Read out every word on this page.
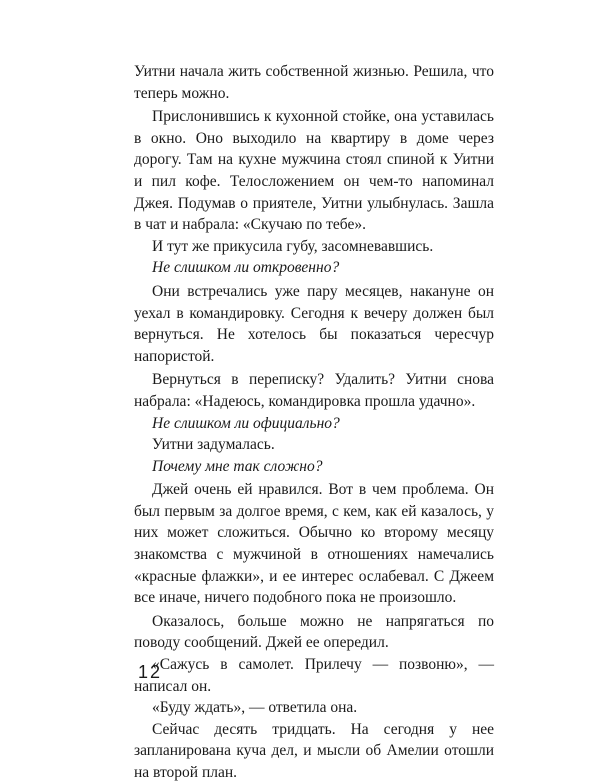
Уитни начала жить собственной жизнью. Решила, что теперь можно.

Прислонившись к кухонной стойке, она уставилась в окно. Оно выходило на квартиру в доме через дорогу. Там на кухне мужчина стоял спиной к Уитни и пил кофе. Телосложением он чем-то напоминал Джея. Подумав о приятеле, Уитни улыбнулась. Зашла в чат и набрала: «Скучаю по тебе».

И тут же прикусила губу, засомневавшись.

Не слишком ли откровенно?

Они встречались уже пару месяцев, накануне он уехал в командировку. Сегодня к вечеру должен был вернуться. Не хотелось бы показаться чересчур напористой.

Вернуться в переписку? Удалить? Уитни снова набрала: «Надеюсь, командировка прошла удачно».

Не слишком ли официально?

Уитни задумалась.

Почему мне так сложно?

Джей очень ей нравился. Вот в чем проблема. Он был первым за долгое время, с кем, как ей казалось, у них может сложиться. Обычно ко второму месяцу знакомства с мужчиной в отношениях намечались «красные флажки», и ее интерес ослабевал. С Джеем все иначе, ничего подобного пока не произошло.

Оказалось, больше можно не напрягаться по поводу сообщений. Джей ее опередил.

«Сажусь в самолет. Прилечу — позвоню», — написал он.

«Буду ждать», — ответила она.

Сейчас десять тридцать. На сегодня у нее запланирована куча дел, и мысли об Амелии отошли на второй план.

12
